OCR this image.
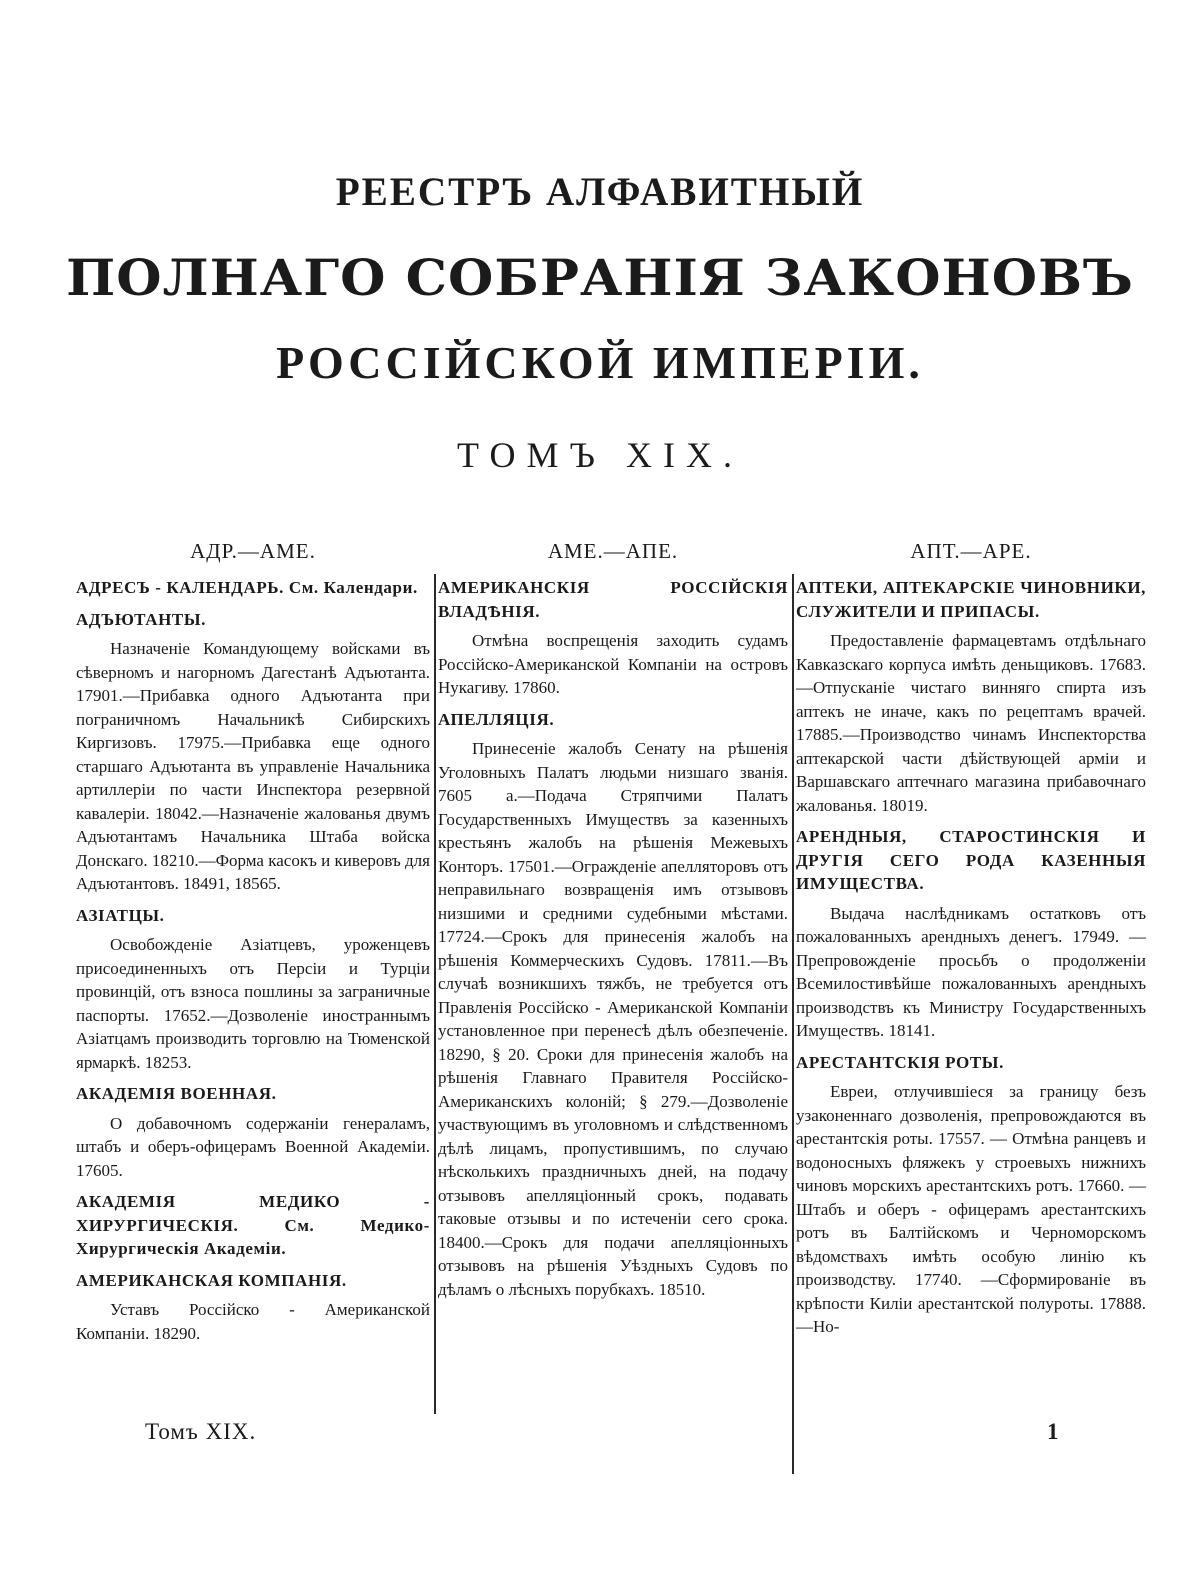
РЕЕСТРЪ АЛФАВИТНЫЙ
ПОЛНАГО СОБРАНІЯ ЗАКОНОВЪ
РОССІЙСКОЙ ИМПЕРІИ.
ТОМЪ XIX.
АДР.—АМЕ.
АДРЕСЪ - КАЛЕНДАРЬ. См. Календари.
АДЪЮТАНТЫ.

Назначеніе Командующему войсками въ сѣверномъ и нагорномъ Дагестанѣ Адъютанта. 17901.—Прибавка одного Адъютанта при пограничномъ Начальникѣ Сибирскихъ Киргизовъ. 17975.—Прибавка еще одного старшаго Адъютанта въ управленіе Начальника артиллеріи по части Инспектора резервной кавалеріи. 18042.—Назначеніе жалованья двумъ Адъютантамъ Начальника Штаба войска Донскаго. 18210.—Форма касокъ и киверовъ для Адъютантовъ. 18491, 18565.

АЗІАТЦЫ.

Освобожденіе Азіатцевъ, уроженцевъ присоединенныхъ отъ Персіи и Турціи провинцій, отъ взноса пошлины за заграничные паспорты. 17652.—Дозволеніе иностраннымъ Азіатцамъ производить торговлю на Тюменской ярмаркѣ. 18253.

АКАДЕМІЯ ВОЕННАЯ.

О добавочномъ содержаніи генераламъ, штабъ и оберъ-офицерамъ Военной Академіи. 17605.

АКАДЕМІЯ МЕДИКО - ХИРУРГИЧЕСКІЯ. См. Медико-Хирургическія Академіи.
АМЕРИКАНСКАЯ КОМПАНІЯ.

Уставъ Россійско - Американской Компаніи. 18290.

АМЕ.—АПЕ.
АМЕРИКАНСКІЯ РОССІЙСКІЯ ВЛАДѢНІЯ.

Отмѣна воспрещенія заходить судамъ Россійско-Американской Компаніи на островъ Нукагиву. 17860.

АПЕЛЛЯЦІЯ.

Принесеніе жалобъ Сенату на рѣшенія Уголовныхъ Палатъ людьми низшаго званія. 7605 а.—Подача Стряпчими Палатъ Государственныхъ Имуществъ за казенныхъ крестьянъ жалобъ на рѣшенія Межевыхъ Конторъ. 17501.—Огражденіе апелляторовъ отъ неправильнаго возвращенія имъ отзывовъ низшими и средними судебными мѣстами. 17724.—Срокъ для принесенія жалобъ на рѣшенія Коммерческихъ Судовъ. 17811.—Въ случаѣ возникшихъ тяжбъ, не требуется отъ Правленія Россійско - Американской Компаніи установленное при перенесѣ дѣлъ обезпеченіе. 18290, § 20. Сроки для принесенія жалобъ на рѣшенія Главнаго Правителя Россійско-Американскихъ колоній; § 279.—Дозволеніе участвующимъ въ уголовномъ и слѣдственномъ дѣлѣ лицамъ, пропустившимъ, по случаю нѣсколькихъ праздничныхъ дней, на подачу отзывовъ апелляціонный срокъ, подавать таковые отзывы и по истеченіи сего срока. 18400.—Срокъ для подачи апелляціонныхъ отзывовъ на рѣшенія Уѣздныхъ Судовъ по дѣламъ о лѣсныхъ порубкахъ. 18510.

АПТ.—АРЕ.
АПТЕКИ, АПТЕКАРСКІЕ ЧИНОВНИКИ, СЛУЖИТЕЛИ И ПРИПАСЫ.

Предоставленіе фармацевтамъ отдѣльнаго Кавказскаго корпуса имѣть деньщиковъ. 17683.—Отпусканіе чистаго винняго спирта изъ аптекъ не иначе, какъ по рецептамъ врачей. 17885.—Производство чинамъ Инспекторства аптекарской части дѣйствующей арміи и Варшавскаго аптечнаго магазина прибавочнаго жалованья. 18019.

АРЕНДНЫЯ, СТАРОСТИНСКІЯ И ДРУГІЯ СЕГО РОДА КАЗЕННЫЯ ИМУЩЕСТВА.

Выдача наслѣдникамъ остатковъ отъ пожалованныхъ арендныхъ денегъ. 17949. — Препровожденіе просьбъ о продолженіи Всемилостивѣйше пожалованныхъ арендныхъ производствъ къ Министру Государственныхъ Имуществъ. 18141.

АРЕСТАНТСКІЯ РОТЫ.

Евреи, отлучившіеся за границу безъ узаконеннаго дозволенія, препровождаются въ арестантскія роты. 17557. — Отмѣна ранцевъ и водоносныхъ фляжекъ у строевыхъ нижнихъ чиновъ морскихъ арестантскихъ ротъ. 17660. — Штабъ и оберъ - офицерамъ арестантскихъ ротъ въ Балтійскомъ и Черноморскомъ вѣдомствахъ имѣть особую линію къ производству. 17740. —Сформированіе въ крѣпости Киліи арестантской полуроты. 17888.—Но-

Томъ XIX.	1
